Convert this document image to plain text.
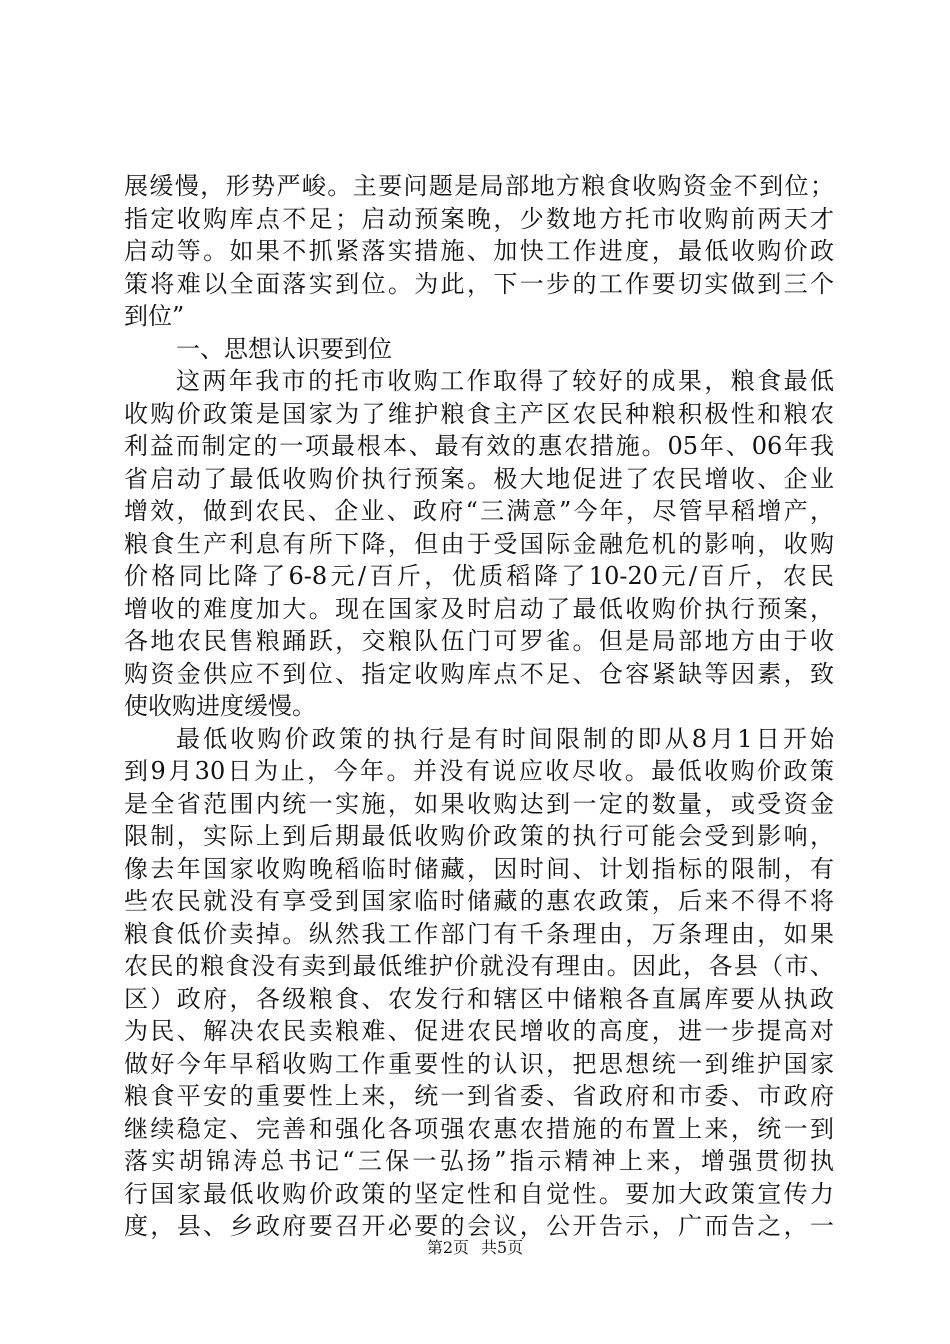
展缓慢，形势严峻。主要问题是局部地方粮食收购资金不到位；
指定收购库点不足；启动预案晚，少数地方托市收购前两天才
启动等。如果不抓紧落实措施、加快工作进度，最低收购价政
策将难以全面落实到位。为此，下一步的工作要切实做到三个
到位”
一、思想认识要到位
这两年我市的托市收购工作取得了较好的成果，粮食最低
收购价政策是国家为了维护粮食主产区农民种粮积极性和粮农
利益而制定的一项最根本、最有效的惠农措施。05年、06年我
省启动了最低收购价执行预案。极大地促进了农民增收、企业
增效，做到农民、企业、政府“三满意”今年，尽管早稻增产，
粮食生产利息有所下降，但由于受国际金融危机的影响，收购
价格同比降了6-8元/百斤，优质稻降了10-20元/百斤，农民
增收的难度加大。现在国家及时启动了最低收购价执行预案，
各地农民售粮踊跃，交粮队伍门可罗雀。但是局部地方由于收
购资金供应不到位、指定收购库点不足、仓容紧缺等因素，致
使收购进度缓慢。
最低收购价政策的执行是有时间限制的即从8月1日开始
到9月30日为止，今年。并没有说应收尽收。最低收购价政策
是全省范围内统一实施，如果收购达到一定的数量，或受资金
限制，实际上到后期最低收购价政策的执行可能会受到影响，
像去年国家收购晚稻临时储藏，因时间、计划指标的限制，有
些农民就没有享受到国家临时储藏的惠农政策，后来不得不将
粮食低价卖掉。纵然我工作部门有千条理由，万条理由，如果
农民的粮食没有卖到最低维护价就没有理由。因此，各县（市、
区）政府，各级粮食、农发行和辖区中储粮各直属库要从执政
为民、解决农民卖粮难、促进农民增收的高度，进一步提高对
做好今年早稻收购工作重要性的认识，把思想统一到维护国家
粮食平安的重要性上来，统一到省委、省政府和市委、市政府
继续稳定、完善和强化各项强农惠农措施的布置上来，统一到
落实胡锦涛总书记“三保一弘扬”指示精神上来，增强贯彻执
行国家最低收购价政策的坚定性和自觉性。要加大政策宣传力
度，县、乡政府要召开必要的会议，公开告示，广而告之，一
第2页 共5页
